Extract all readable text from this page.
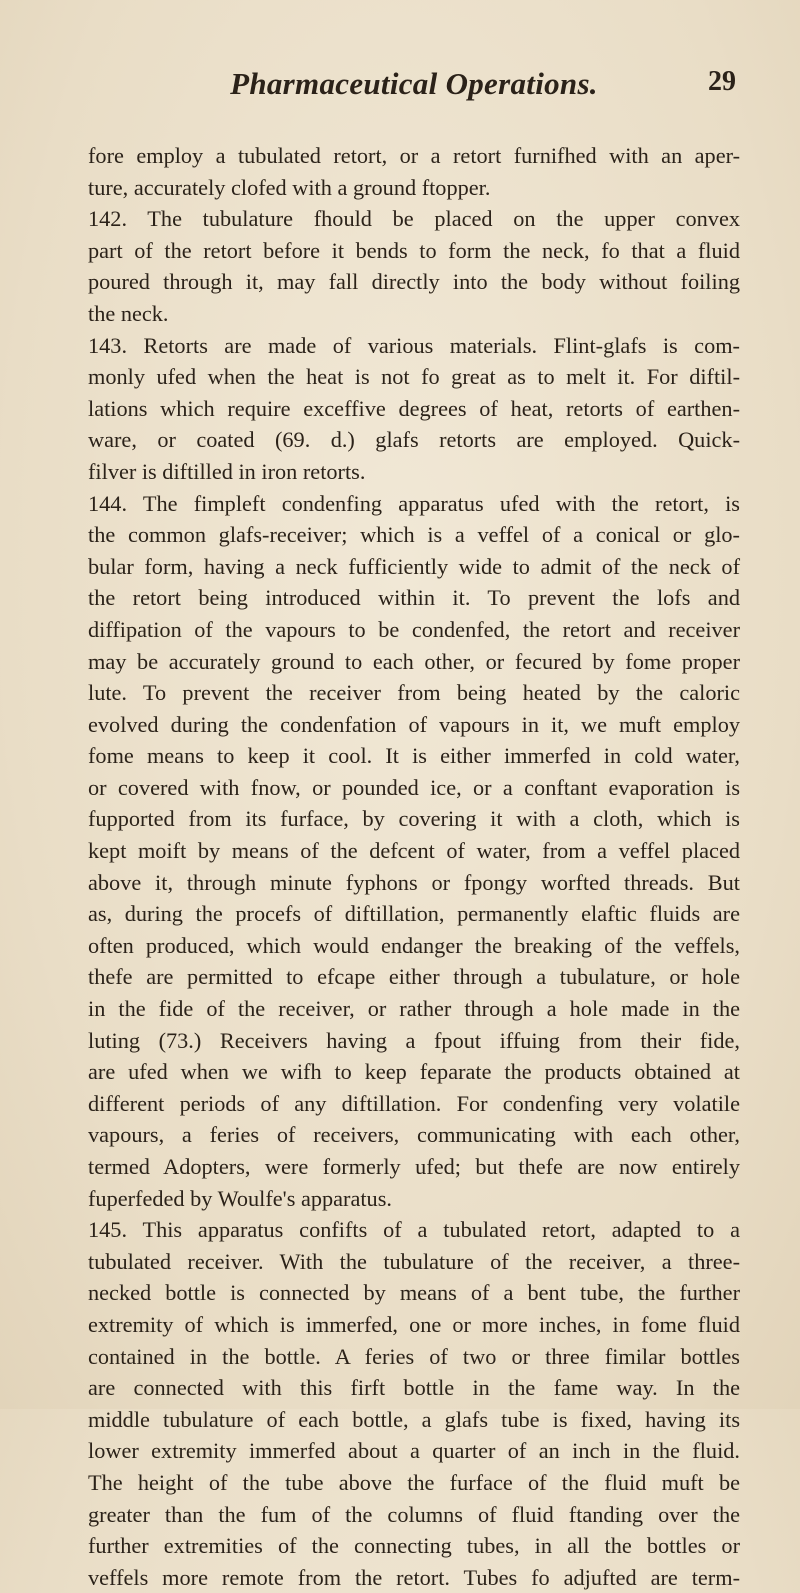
Pharmaceutical Operations.	29
fore employ a tubulated retort, or a retort furnifhed with an aper-
ture, accurately clofed with a ground ftopper.
142. The tubulature fhould be placed on the upper convex
part of the retort before it bends to form the neck, fo that a fluid
poured through it, may fall directly into the body without foiling
the neck.
143. Retorts are made of various materials. Flint-glafs is com-
monly ufed when the heat is not fo great as to melt it. For diftil-
lations which require exceffive degrees of heat, retorts of earthen-
ware, or coated (69. d.) glafs retorts are employed. Quick-
filver is diftilled in iron retorts.
144. The fimpleft condenfing apparatus ufed with the retort, is
the common glafs-receiver; which is a veffel of a conical or glo-
bular form, having a neck fufficiently wide to admit of the neck of
the retort being introduced within it. To prevent the lofs and
diffipation of the vapours to be condenfed, the retort and receiver
may be accurately ground to each other, or fecured by fome proper
lute. To prevent the receiver from being heated by the caloric
evolved during the condenfation of vapours in it, we muft employ
fome means to keep it cool. It is either immerfed in cold water,
or covered with fnow, or pounded ice, or a conftant evaporation is
fupported from its furface, by covering it with a cloth, which is
kept moift by means of the defcent of water, from a veffel placed
above it, through minute fyphons or fpongy worfted threads. But
as, during the procefs of diftillation, permanently elaftic fluids are
often produced, which would endanger the breaking of the veffels,
thefe are permitted to efcape either through a tubulature, or hole
in the fide of the receiver, or rather through a hole made in the
luting (73.) Receivers having a fpout iffuing from their fide,
are ufed when we wifh to keep feparate the products obtained at
different periods of any diftillation. For condenfing very volatile
vapours, a feries of receivers, communicating with each other,
termed Adopters, were formerly ufed; but thefe are now entirely
fuperfeded by Woulfe's apparatus.
145. This apparatus confifts of a tubulated retort, adapted to a
tubulated receiver. With the tubulature of the receiver, a three-
necked bottle is connected by means of a bent tube, the further
extremity of which is immerfed, one or more inches, in fome fluid
contained in the bottle. A feries of two or three fimilar bottles
are connected with this firft bottle in the fame way. In the
middle tubulature of each bottle, a glafs tube is fixed, having its
lower extremity immerfed about a quarter of an inch in the fluid.
The height of the tube above the furface of the fluid muft be
greater than the fum of the columns of fluid ftanding over the
further extremities of the connecting tubes, in all the bottles or
veffels more remote from the retort. Tubes fo adjufted are term-
